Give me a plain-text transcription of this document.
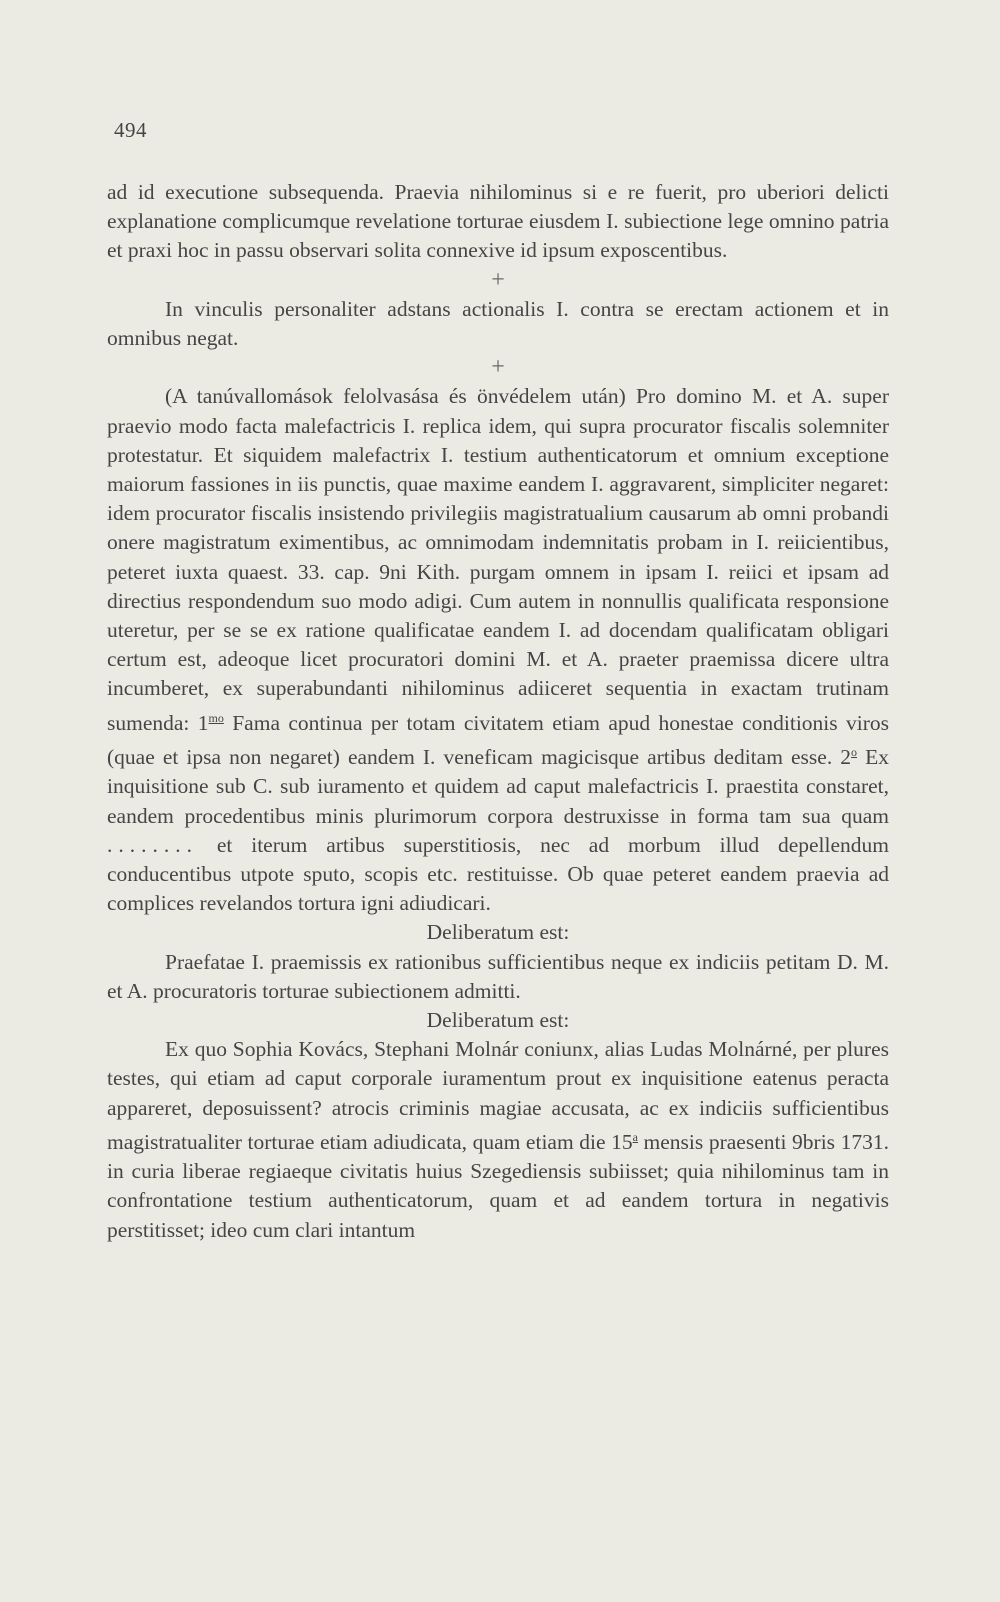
494

ad id executione subsequenda. Praevia nihilominus si e re fuerit, pro uberiori delicti explanatione complicumque revelatione torturae eiusdem I. subiectione lege omnino patria et praxi hoc in passu observari solita connexive id ipsum exposcentibus.

+

In vinculis personaliter adstans actionalis I. contra se erectam actionem et in omnibus negat.

+

(A tanúvallomások felolvasása és önvédelem után) Pro domino M. et A. super praevio modo facta malefactricis I. replica idem, qui supra procurator fiscalis solemniter protestatur. Et siquidem malefactrix I. testium authenticatorum et omnium exceptione maiorum fassiones in iis punctis, quae maxime eandem I. aggravarent, simpliciter negaret: idem procurator fiscalis insistendo privilegiis magistratualium causarum ab omni probandi onere magistratum eximentibus, ac omnimodam indemnitatis probam in I. reiicientibus, peteret iuxta quaest. 33. cap. 9ni Kith. purgam omnem in ipsam I. reiici et ipsam ad directius respondendum suo modo adigi. Cum autem in nonnullis qualificata responsione uteretur, per se se ex ratione qualificatae eandem I. ad docendam qualificatam obligari certum est, adeoque licet procuratori domini M. et A. praeter praemissa dicere ultra incumberet, ex superabundanti nihilominus adiiceret sequentia in exactam trutinam sumenda: $1^{mo}$ Fama continua per totam civitatem etiam apud honestae conditionis viros (quae et ipsa non negaret) eandem I. veneficam magicisque artibus deditam esse. 2$^o$ Ex inquisitione sub C. sub iuramento et quidem ad caput malefactricis I. praestita constaret, eandem procedentibus minis plurimorum corpora destruxisse in forma tam sua quam ........ et iterum artibus superstitiosis, nec ad morbum illud depellendum conducentibus utpote sputo, scopis etc. restituisse. Ob quae peteret eandem praevia ad complices revelandos tortura igni adiudicari.

Deliberatum est:

Praefatae I. praemissis ex rationibus sufficientibus neque ex indiciis petitam D. M. et A. procuratoris torturae subiectionem admitti.

Deliberatum est:

Ex quo Sophia Kovács, Stephani Molnár coniunx, alias Ludas Molnárné, per plures testes, qui etiam ad caput corporale iuramentum prout ex inquisitione eatenus peracta appareret, deposuissent? atrocis criminis magiae accusata, ac ex indiciis sufficientibus magistratualiter torturae etiam adiudicata, quam etiam die 15$^a$ mensis praesenti 9bris 1731. in curia liberae regiaeque civitatis huius Szegediensis subiisset; quia nihilominus tam in confrontatione testium authenticatorum, quam et ad eandem tortura in negativis perstitisset; ideo cum clari intantum
